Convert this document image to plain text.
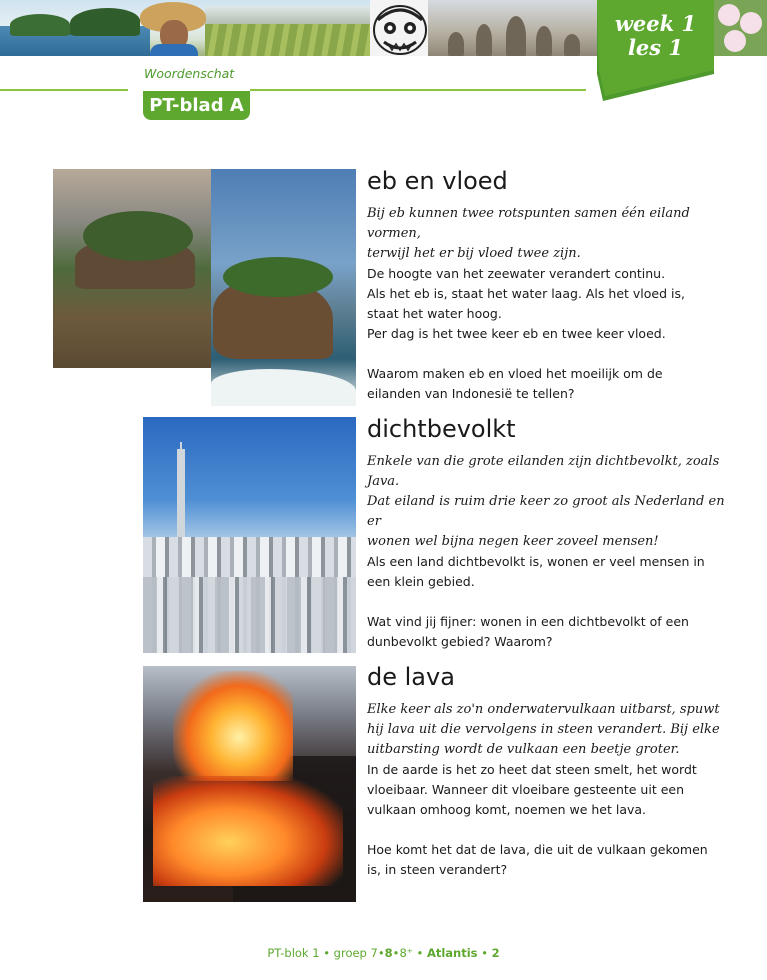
week 1
les 1
Woordenschat
PT-blad A
eb en vloed
Bij eb kunnen twee rotspunten samen één eiland vormen,
terwijl het er bij vloed twee zijn.
De hoogte van het zeewater verandert continu.
Als het eb is, staat het water laag. Als het vloed is,
staat het water hoog.
Per dag is het twee keer eb en twee keer vloed.
Waarom maken eb en vloed het moeilijk om de
eilanden van Indonesië te tellen?
dichtbevolkt
Enkele van die grote eilanden zijn dichtbevolkt, zoals Java.
Dat eiland is ruim drie keer zo groot als Nederland en er
wonen wel bijna negen keer zoveel mensen!
Als een land dichtbevolkt is, wonen er veel mensen in
een klein gebied.
Wat vind jij fijner: wonen in een dichtbevolkt of een
dunbevolkt gebied? Waarom?
de lava
Elke keer als zo'n onderwatervulkaan uitbarst, spuwt
hij lava uit die vervolgens in steen verandert. Bij elke
uitbarsting wordt de vulkaan een beetje groter.
In de aarde is het zo heet dat steen smelt, het wordt
vloeibaar. Wanneer dit vloeibare gesteente uit een
vulkaan omhoog komt, noemen we het lava.
Hoe komt het dat de lava, die uit de vulkaan gekomen
is, in steen verandert?
PT-blok 1 • groep 7•8•8⁺ • Atlantis • 2
